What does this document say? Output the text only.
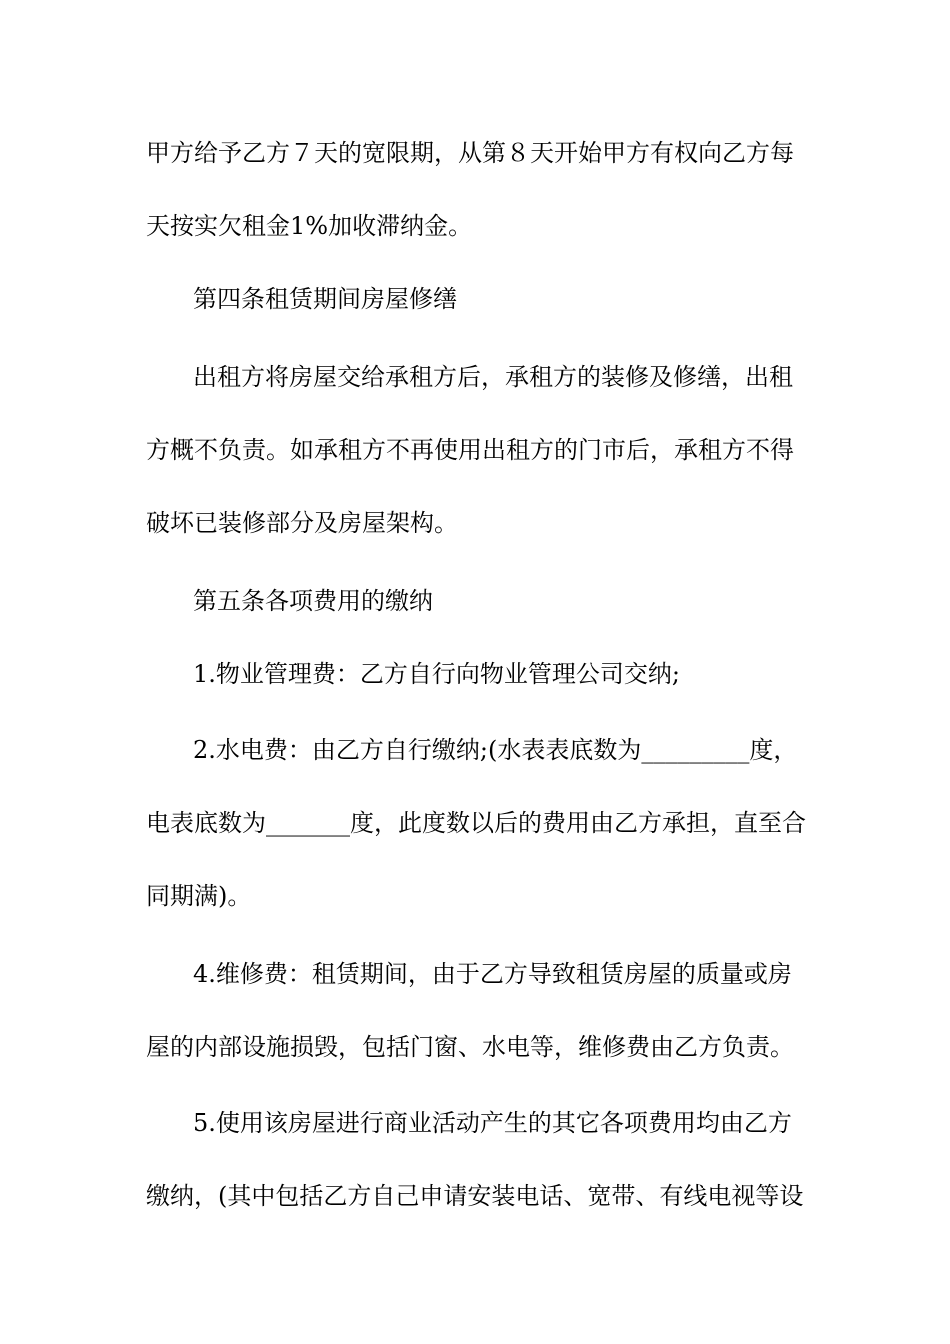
甲方给予乙方７天的宽限期，从第８天开始甲方有权向乙方每
天按实欠租金1%加收滞纳金。
第四条租赁期间房屋修缮
出租方将房屋交给承租方后，承租方的装修及修缮，出租
方概不负责。如承租方不再使用出租方的门市后，承租方不得
破坏已装修部分及房屋架构。
第五条各项费用的缴纳
1.物业管理费：乙方自行向物业管理公司交纳;
2.水电费：由乙方自行缴纳;(水表表底数为_________度，
电表底数为_______度，此度数以后的费用由乙方承担，直至合
同期满)。
4.维修费：租赁期间，由于乙方导致租赁房屋的质量或房
屋的内部设施损毁，包括门窗、水电等，维修费由乙方负责。
5.使用该房屋进行商业活动产生的其它各项费用均由乙方
缴纳，(其中包括乙方自己申请安装电话、宽带、有线电视等设
